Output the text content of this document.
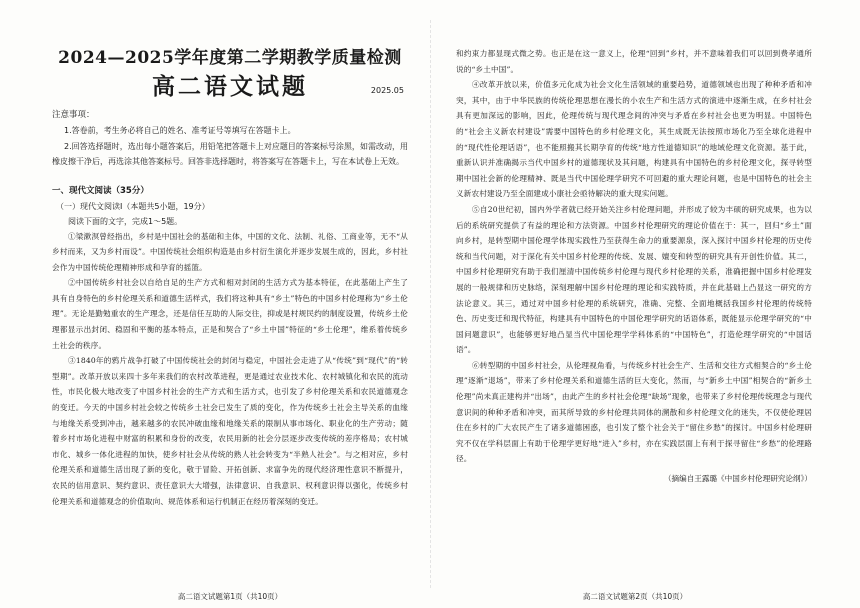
2024—2025学年度第二学期教学质量检测
高二语文试题	2025.05
注意事项：
1.答卷前，考生务必将自己的姓名、准考证号等填写在答题卡上。
2.回答选择题时，选出每小题答案后，用铅笔把答题卡上对应题目的答案标号涂黑，如需改动，用橡皮擦干净后，再选涂其他答案标号。回答非选择题时，将答案写在答题卡上，写在本试卷上无效。
一、现代文阅读（35分）
（一）现代文阅读Ⅰ（本题共5小题，19分）
阅读下面的文字，完成1～5题。

①梁漱溟曾经指出，乡村是中国社会的基础和主体，中国的文化、法制、礼俗、工商业等，无不“从乡村而来，又为乡村而设”。中国传统社会组织构造是由乡村衍生演化并逐步发展生成的，因此，乡村社会作为中国传统伦理精神形成和孕育的摇篮。

②中国传统乡村社会以自给自足的生产方式和相对封闭的生活方式为基本特征，在此基础上产生了具有自身特色的乡村伦理关系和道德生活样式，我们将这种具有“乡土”特色的中国乡村伦理称为“乡土伦理”。无论是勤勉重农的生产理念，还是信任互助的人际交往，抑或是村规民约的制度设置，传统乡土伦理都显示出封闭、稳固和平衡的基本特点，正是和契合了“乡土中国”特征的“乡土伦理”，维系着传统乡土社会的秩序。

③1840年的鸦片战争打破了中国传统社会的封闭与稳定，中国社会走进了从“传统”到“现代”的“转型期”。改革开放以来四十多年来我们的农村改革进程，更是通过农业技术化、农村城镇化和农民的流动性，市民化极大地改变了中国乡村社会的生产方式和生活方式，也引发了乡村伦理关系和农民道德观念的变迁。今天的中国乡村社会较之传统乡土社会已发生了质的变化，作为传统乡土社会主导关系的血缘与地缘关系受到冲击，越来越多的农民冲破血缘和地缘关系的限制从事市场化、职业化的生产劳动；随着乡村市场化进程中财富的积累和身份的改变，农民用新的社会分层逐步改变传统的差序格局；农村城市化、城乡一体化进程的加快，使乡村社会从传统的熟人社会转变为“半熟人社会”。与之相对应，乡村伦理关系和道德生活出现了新的变化，敬于冒险、开拓创新、求富争先的现代经济理性意识不断提升，农民的信用意识、契约意识、责任意识大大增强，法律意识、自我意识、权利意识得以强化，传统乡村伦理关系和道德观念的价值取向、规范体系和运行机制正在经历着深刻的变迁。

高二语文试题第1页（共10页）

和约束力都显现式微之势。也正是在这一意义上，伦理“回到”乡村，并不意味着我们可以回到费孝通所说的“乡土中国”。

④改革开放以来，价值多元化成为社会文化生活领域的重要趋势，道德领域也出现了种种矛盾和冲突，其中，由于中华民族的传统伦理思想在漫长的小农生产和生活方式的演进中逐渐生成，在乡村社会具有更加深远的影响，因此，伦理传统与现代理念间的冲突与矛盾在乡村社会也更为明显。中国特色的“社会主义新农村建设”需要中国特色的乡村伦理文化，其生成既无法按照市场化乃至全球化进程中的“现代性伦理话语”，也不能照搬其长期孕育的传统“地方性道德知识”的地域伦理文化资源。基于此，重新认识并准确揭示当代中国乡村的道德现状及其问题，构建具有中国特色的乡村伦理文化，探寻转型期中国社会新的伦理精神、既是当代中国伦理学研究不可回避的重大理论问题，也是中国特色的社会主义新农村建设乃至全面建成小康社会亟待解决的重大现实问题。

⑤自20世纪初，国内外学者就已经开始关注乡村伦理问题，并形成了较为丰硕的研究成果，也为以后的系统研究提供了有益的理论和方法资源。中国乡村伦理研究的理论价值在于：其一，回归“乡土”面向乡村，是转型期中国伦理学体现实践性乃至获得生命力的重要源泉，深入探讨中国乡村伦理的历史传统和当代问题，对于深化有关中国乡村伦理的传统、发展、嬗变和转型的研究具有开创性价值。其二，中国乡村伦理研究有助于我们厘清中国传统乡村伦理与现代乡村伦理的关系，准确把握中国乡村伦理发展的一般规律和历史脉络，深刻理解中国乡村伦理的理论和实践特质，并在此基础上凸显这一研究的方法论意义。其三，通过对中国乡村伦理的系统研究，准确、完整、全面地概括我国乡村伦理的传统特色、历史变迁和现代特征，构建具有中国特色的中国伦理学研究的话语体系，既能显示伦理学研究的“中国问题意识”，也能够更好地凸显当代中国伦理学学科体系的“中国特色”，打造伦理学研究的“中国话语”。

⑥转型期的中国乡村社会，从伦理视角看，与传统乡村社会生产、生活和交往方式相契合的“乡土伦理”逐渐“退场”，带来了乡村伦理关系和道德生活的巨大变化，然而，与“新乡土中国”相契合的“新乡土伦理”尚未真正建构并“出场”，由此产生的乡村社会伦理“缺场”现象，也带来了乡村伦理传统理念与现代意识间的种种矛盾和冲突，而其所导致的乡村伦理共同体的溯散和乡村伦理文化的迷失，不仅使伦理居住在乡村的广大农民产生了诸多道德困惑，也引发了整个社会关于“留住乡愁”的探讨。中国乡村伦理研究不仅在学科层面上有助于伦理学更好地“进入”乡村，亦在实践层面上有利于探寻留住“乡愁”的伦理路径。

（摘编自王露璐《中国乡村伦理研究论纲》）
高二语文试题第2页（共10页）
